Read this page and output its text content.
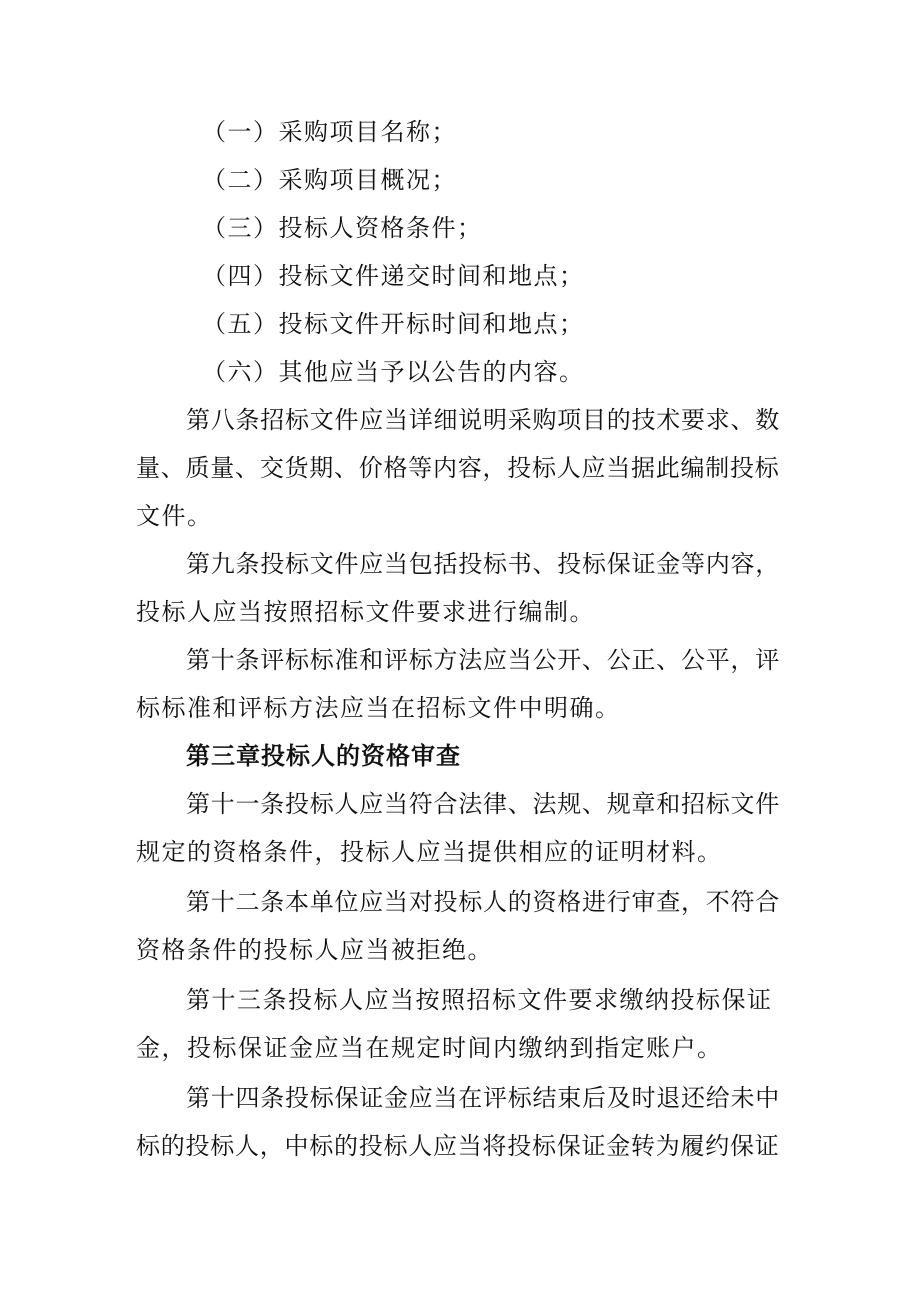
（一）采购项目名称；
（二）采购项目概况；
（三）投标人资格条件；
（四）投标文件递交时间和地点；
（五）投标文件开标时间和地点；
（六）其他应当予以公告的内容。
第八条招标文件应当详细说明采购项目的技术要求、数
量、质量、交货期、价格等内容，投标人应当据此编制投标
文件。
第九条投标文件应当包括投标书、投标保证金等内容，
投标人应当按照招标文件要求进行编制。
第十条评标标准和评标方法应当公开、公正、公平，评
标标准和评标方法应当在招标文件中明确。
第三章投标人的资格审查
第十一条投标人应当符合法律、法规、规章和招标文件
规定的资格条件，投标人应当提供相应的证明材料。
第十二条本单位应当对投标人的资格进行审查，不符合
资格条件的投标人应当被拒绝。
第十三条投标人应当按照招标文件要求缴纳投标保证
金，投标保证金应当在规定时间内缴纳到指定账户。
第十四条投标保证金应当在评标结束后及时退还给未中
标的投标人，中标的投标人应当将投标保证金转为履约保证
